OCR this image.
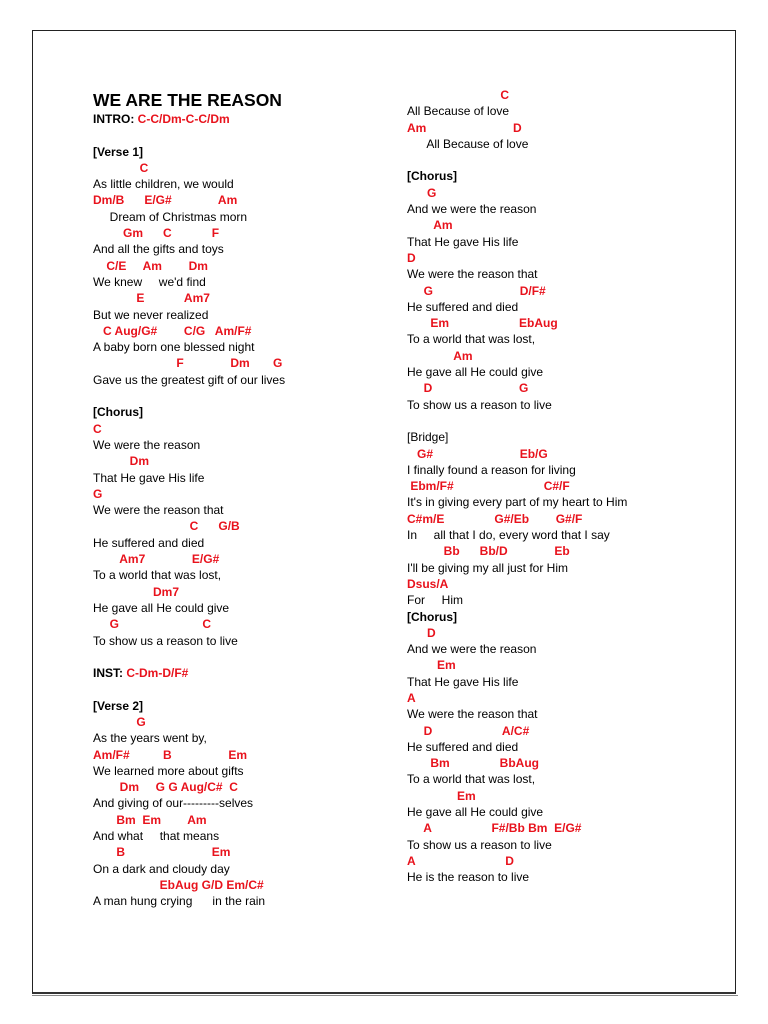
WE ARE THE REASON
INTRO: C-C/Dm-C-C/Dm
[Verse 1]
C
As little children, we would
Dm/B      E/G#              Am
Dream of Christmas morn
Gm      C            F
And all the gifts and toys
C/E     Am        Dm
We knew     we'd find
E            Am7
But we never realized
C Aug/G#        C/G   Am/F#
A baby born one blessed night
F              Dm       G
Gave us the greatest gift of our lives
[Chorus]
C
We were the reason
Dm
That He gave His life
G
We were the reason that
C      G/B
He suffered and died
Am7              E/G#
To a world that was lost,
Dm7
He gave all He could give
G                         C
To show us a reason to live
INST: C-Dm-D/F#
[Verse 2]
G
As the years went by,
Am/F#          B                 Em
We learned more about gifts
Dm     G G Aug/C#  C
And giving of our---------selves
Bm  Em        Am
And what     that means
B                          Em
On a dark and cloudy day
EbAug G/D Em/C#
A man hung crying      in the rain
C
All Because of love
Am                          D
All Because of love
[Chorus]
G
And we were the reason
Am
That He gave His life
D
We were the reason that
G                          D/F#
He suffered and died
Em                     EbAug
To a world that was lost,
Am
He gave all He could give
D                          G
To show us a reason to live
[Bridge]
G#                          Eb/G
I finally found a reason for living
Ebm/F#                           C#/F
It's in giving every part of my heart to Him
C#m/E               G#/Eb        G#/F
In     all that I do, every word that I say
Bb      Bb/D              Eb
I'll be giving my all just for Him
Dsus/A
For     Him
[Chorus]
D
And we were the reason
Em
That He gave His life
A
We were the reason that
D                     A/C#
He suffered and died
Bm               BbAug
To a world that was lost,
Em
He gave all He could give
A                  F#/Bb Bm  E/G#
To show us a reason to live
A                           D
He is the reason to live
